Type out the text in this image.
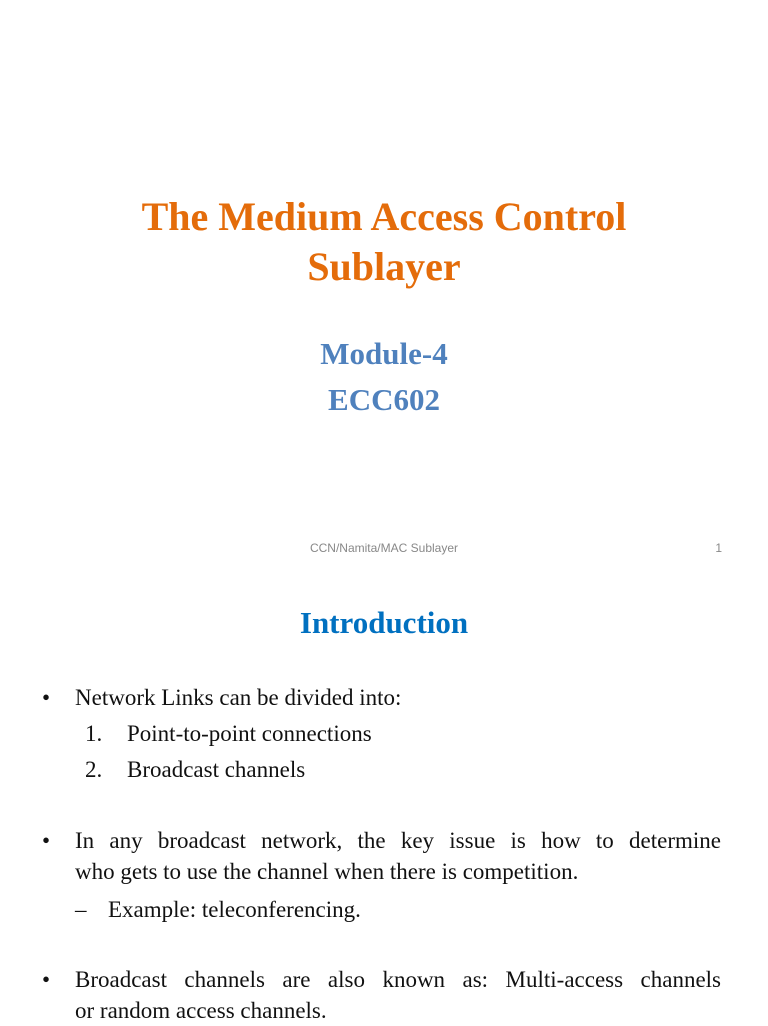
The Medium Access Control
Sublayer
Module-4
ECC602
CCN/Namita/MAC Sublayer	1
Introduction
• Network Links can be divided into:
1. Point-to-point connections
2. Broadcast channels
• In any broadcast network, the key issue is how to determine
who gets to use the channel when there is competition.
– Example: teleconferencing.
• Broadcast channels are also known as: Multi-access channels
or random access channels.
